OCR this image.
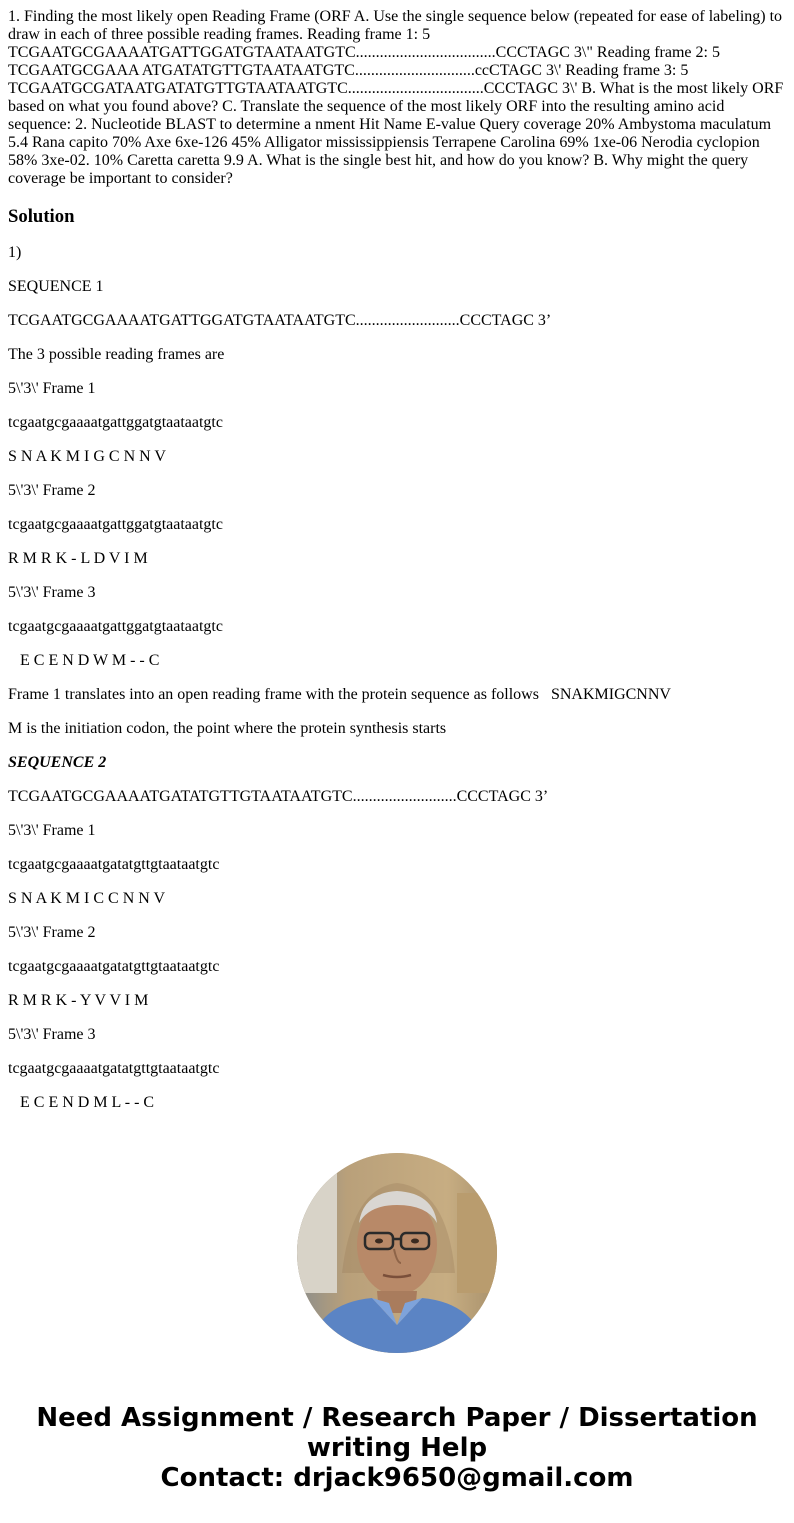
1. Finding the most likely open Reading Frame (ORF A. Use the single sequence below (repeated for ease of labeling) to draw in each of three possible reading frames. Reading frame 1: 5 TCGAATGCGAAAATGATTGGATGTAATAATGTC...................................CCCTAGC 3\" Reading frame 2: 5 TCGAATGCGAAA ATGATATGTTGTAATAATGTC..............................ccCTAGC 3\' Reading frame 3: 5 TCGAATGCGATAATGATATGTTGTAATAATGTC..................................CCCTAGC 3\' B. What is the most likely ORF based on what you found above? C. Translate the sequence of the most likely ORF into the resulting amino acid sequence: 2. Nucleotide BLAST to determine a nment Hit Name E-value Query coverage 20% Ambystoma maculatum 5.4 Rana capito 70% Axe 6xe-126 45% Alligator mississippiensis Terrapene Carolina 69% 1xe-06 Nerodia cyclopion 58% 3xe-02. 10% Caretta caretta 9.9 A. What is the single best hit, and how do you know? B. Why might the query coverage be important to consider?
Solution

1)

SEQUENCE 1

TCGAATGCGAAAATGATTGGATGTAATAATGTC..........................CCCTAGC 3’

The 3 possible reading frames are

5\'3\' Frame 1

tcgaatgcgaaaatgattggatgtaataatgtc

S N A K M I G C N N V

5\'3\' Frame 2

tcgaatgcgaaaatgattggatgtaataatgtc

R M R K - L D V I M

5\'3\' Frame 3

tcgaatgcgaaaatgattggatgtaataatgtc

E C E N D W M - - C

Frame 1 translates into an open reading frame with the protein sequence as follows   SNAKMIGCNNV

M is the initiation codon, the point where the protein synthesis starts

SEQUENCE 2

TCGAATGCGAAAATGATATGTTGTAATAATGTC..........................CCCTAGC 3’

5\'3\' Frame 1

tcgaatgcgaaaatgatatgttgtaataatgtc

S N A K M I C C N N V

5\'3\' Frame 2

tcgaatgcgaaaatgatatgttgtaataatgtc

R M R K - Y V V I M

5\'3\' Frame 3

tcgaatgcgaaaatgatatgttgtaataatgtc

E C E N D M L - - C

Need Assignment / Research Paper / Dissertation
writing Help
Contact: drjack9650@gmail.com
